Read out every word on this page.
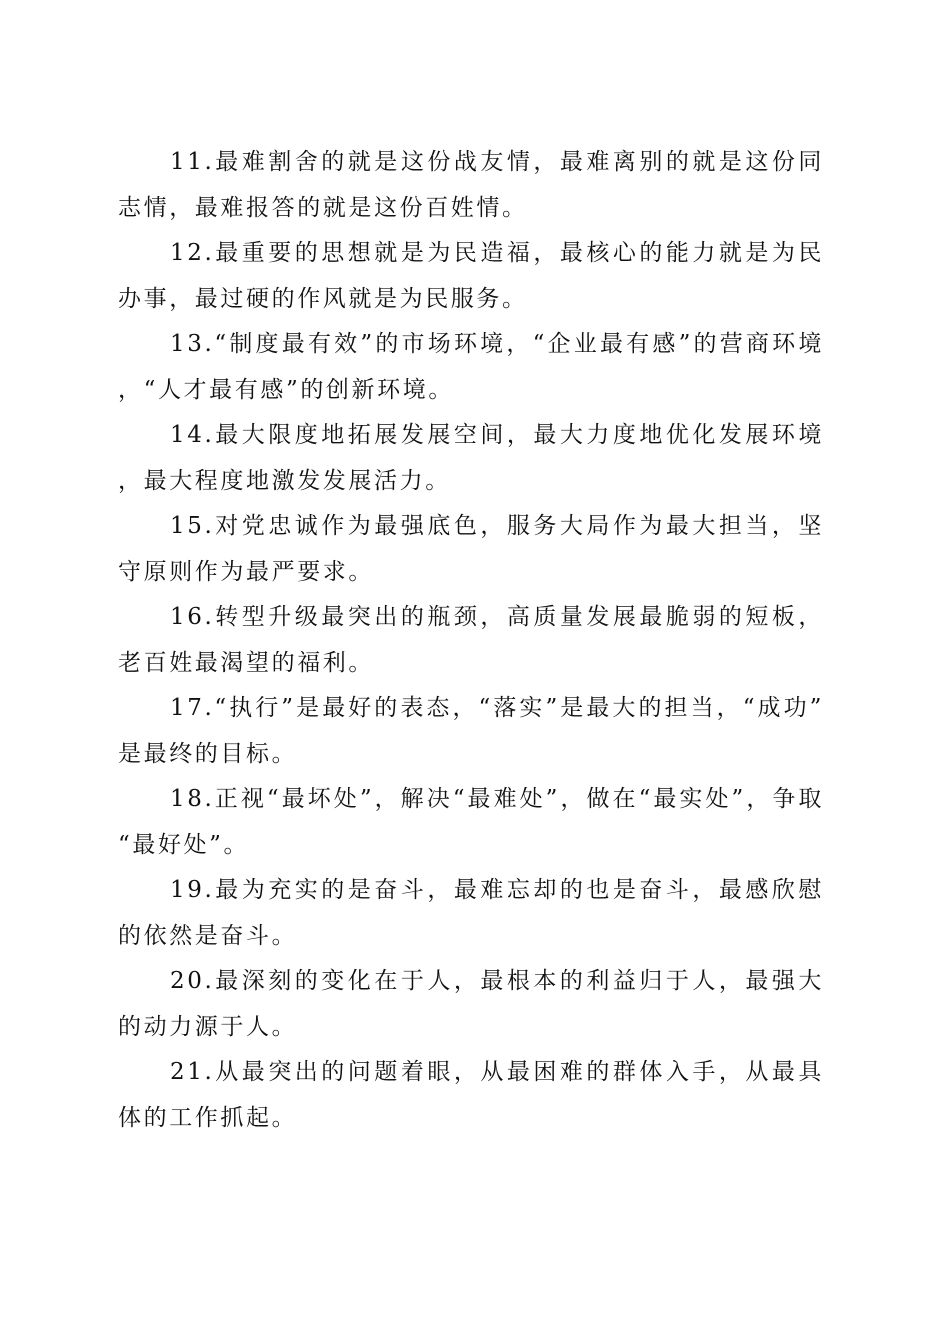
11.最难割舍的就是这份战友情，最难离别的就是这份同志情，最难报答的就是这份百姓情。

12.最重要的思想就是为民造福，最核心的能力就是为民办事，最过硬的作风就是为民服务。

13.“制度最有效”的市场环境，“企业最有感”的营商环境，“人才最有感”的创新环境。

14.最大限度地拓展发展空间，最大力度地优化发展环境，最大程度地激发发展活力。

15.对党忠诚作为最强底色，服务大局作为最大担当，坚守原则作为最严要求。

16.转型升级最突出的瓶颈，高质量发展最脆弱的短板，老百姓最渴望的福利。

17.“执行”是最好的表态，“落实”是最大的担当，“成功”是最终的目标。

18.正视“最坏处”，解决“最难处”，做在“最实处”，争取“最好处”。

19.最为充实的是奋斗，最难忘却的也是奋斗，最感欣慰的依然是奋斗。

20.最深刻的变化在于人，最根本的利益归于人，最强大的动力源于人。

21.从最突出的问题着眼，从最困难的群体入手，从最具体的工作抓起。
